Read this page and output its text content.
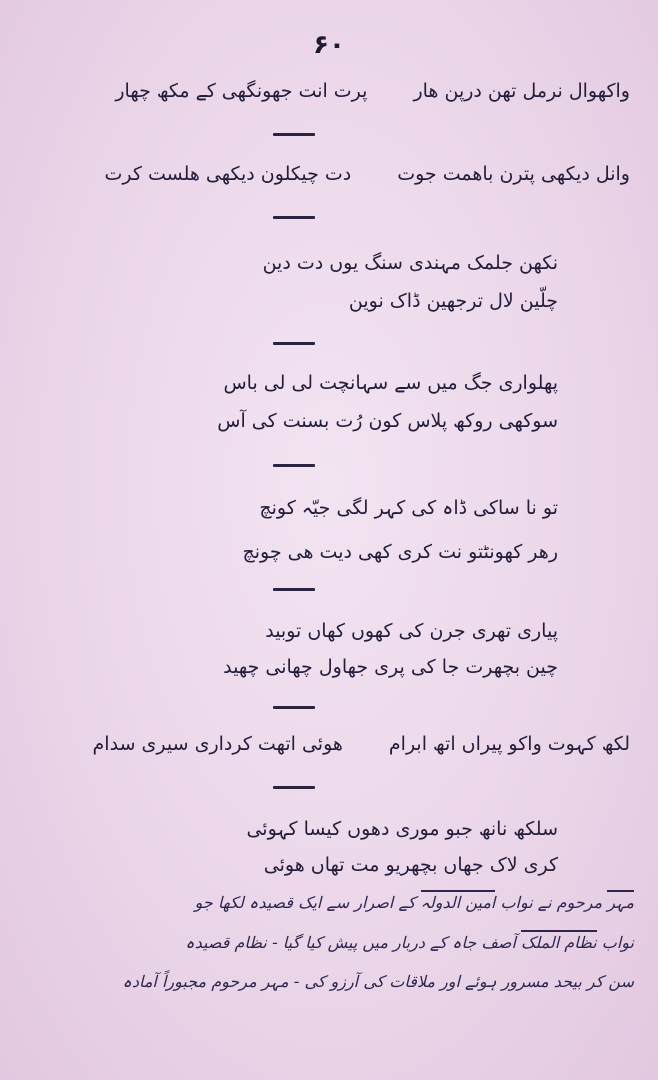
۶۰
واکھوال نرمل تھن درپن ھارپرت انت جھونگھی کے مکھ چھار
وانل دیکھی پترن باھمت جوتدت چیکلون دیکھی ھلست کرت
نکھن جلمک مہندی سنگ یوں دت دین
چلّین لال ترجھین ڈاک نوین
پھلواری جگ میں سے سہانچت لی لی باس
سوکھی روکھ پلاس کون رُت بسنت کی آس
تو نا ساکی ڈاہ کی کہر لگی جیّہ کونچ
رھر کھونٹتو نت کری کھی دیت ھی چونچ
پیاری تھری جرن کی کھوں کھاں توبید
چین بچھرت جا کی پری جھاول چھانی چھید
لکھ کہوت واکو پیراں اتھ ابرامھوئی اتھت کرداری سیری سدام
سلکھ نانھ جبو موری دھوں کیسا کہوئی
کری لاک جھاں بچھریو مت تھاں ھوئی
مہر مرحوم نے نواب امین الدولہ کے اصرار سے ایک قصیدہ لکھا جو
نواب نظام الملک آصف جاہ کے دربار میں پیش کیا گیا - نظام قصیدہ
سن کر بیحد مسرور ہوئے اور ملاقات کی آرزو کی - مہر مرحوم مجبوراً آمادہ
